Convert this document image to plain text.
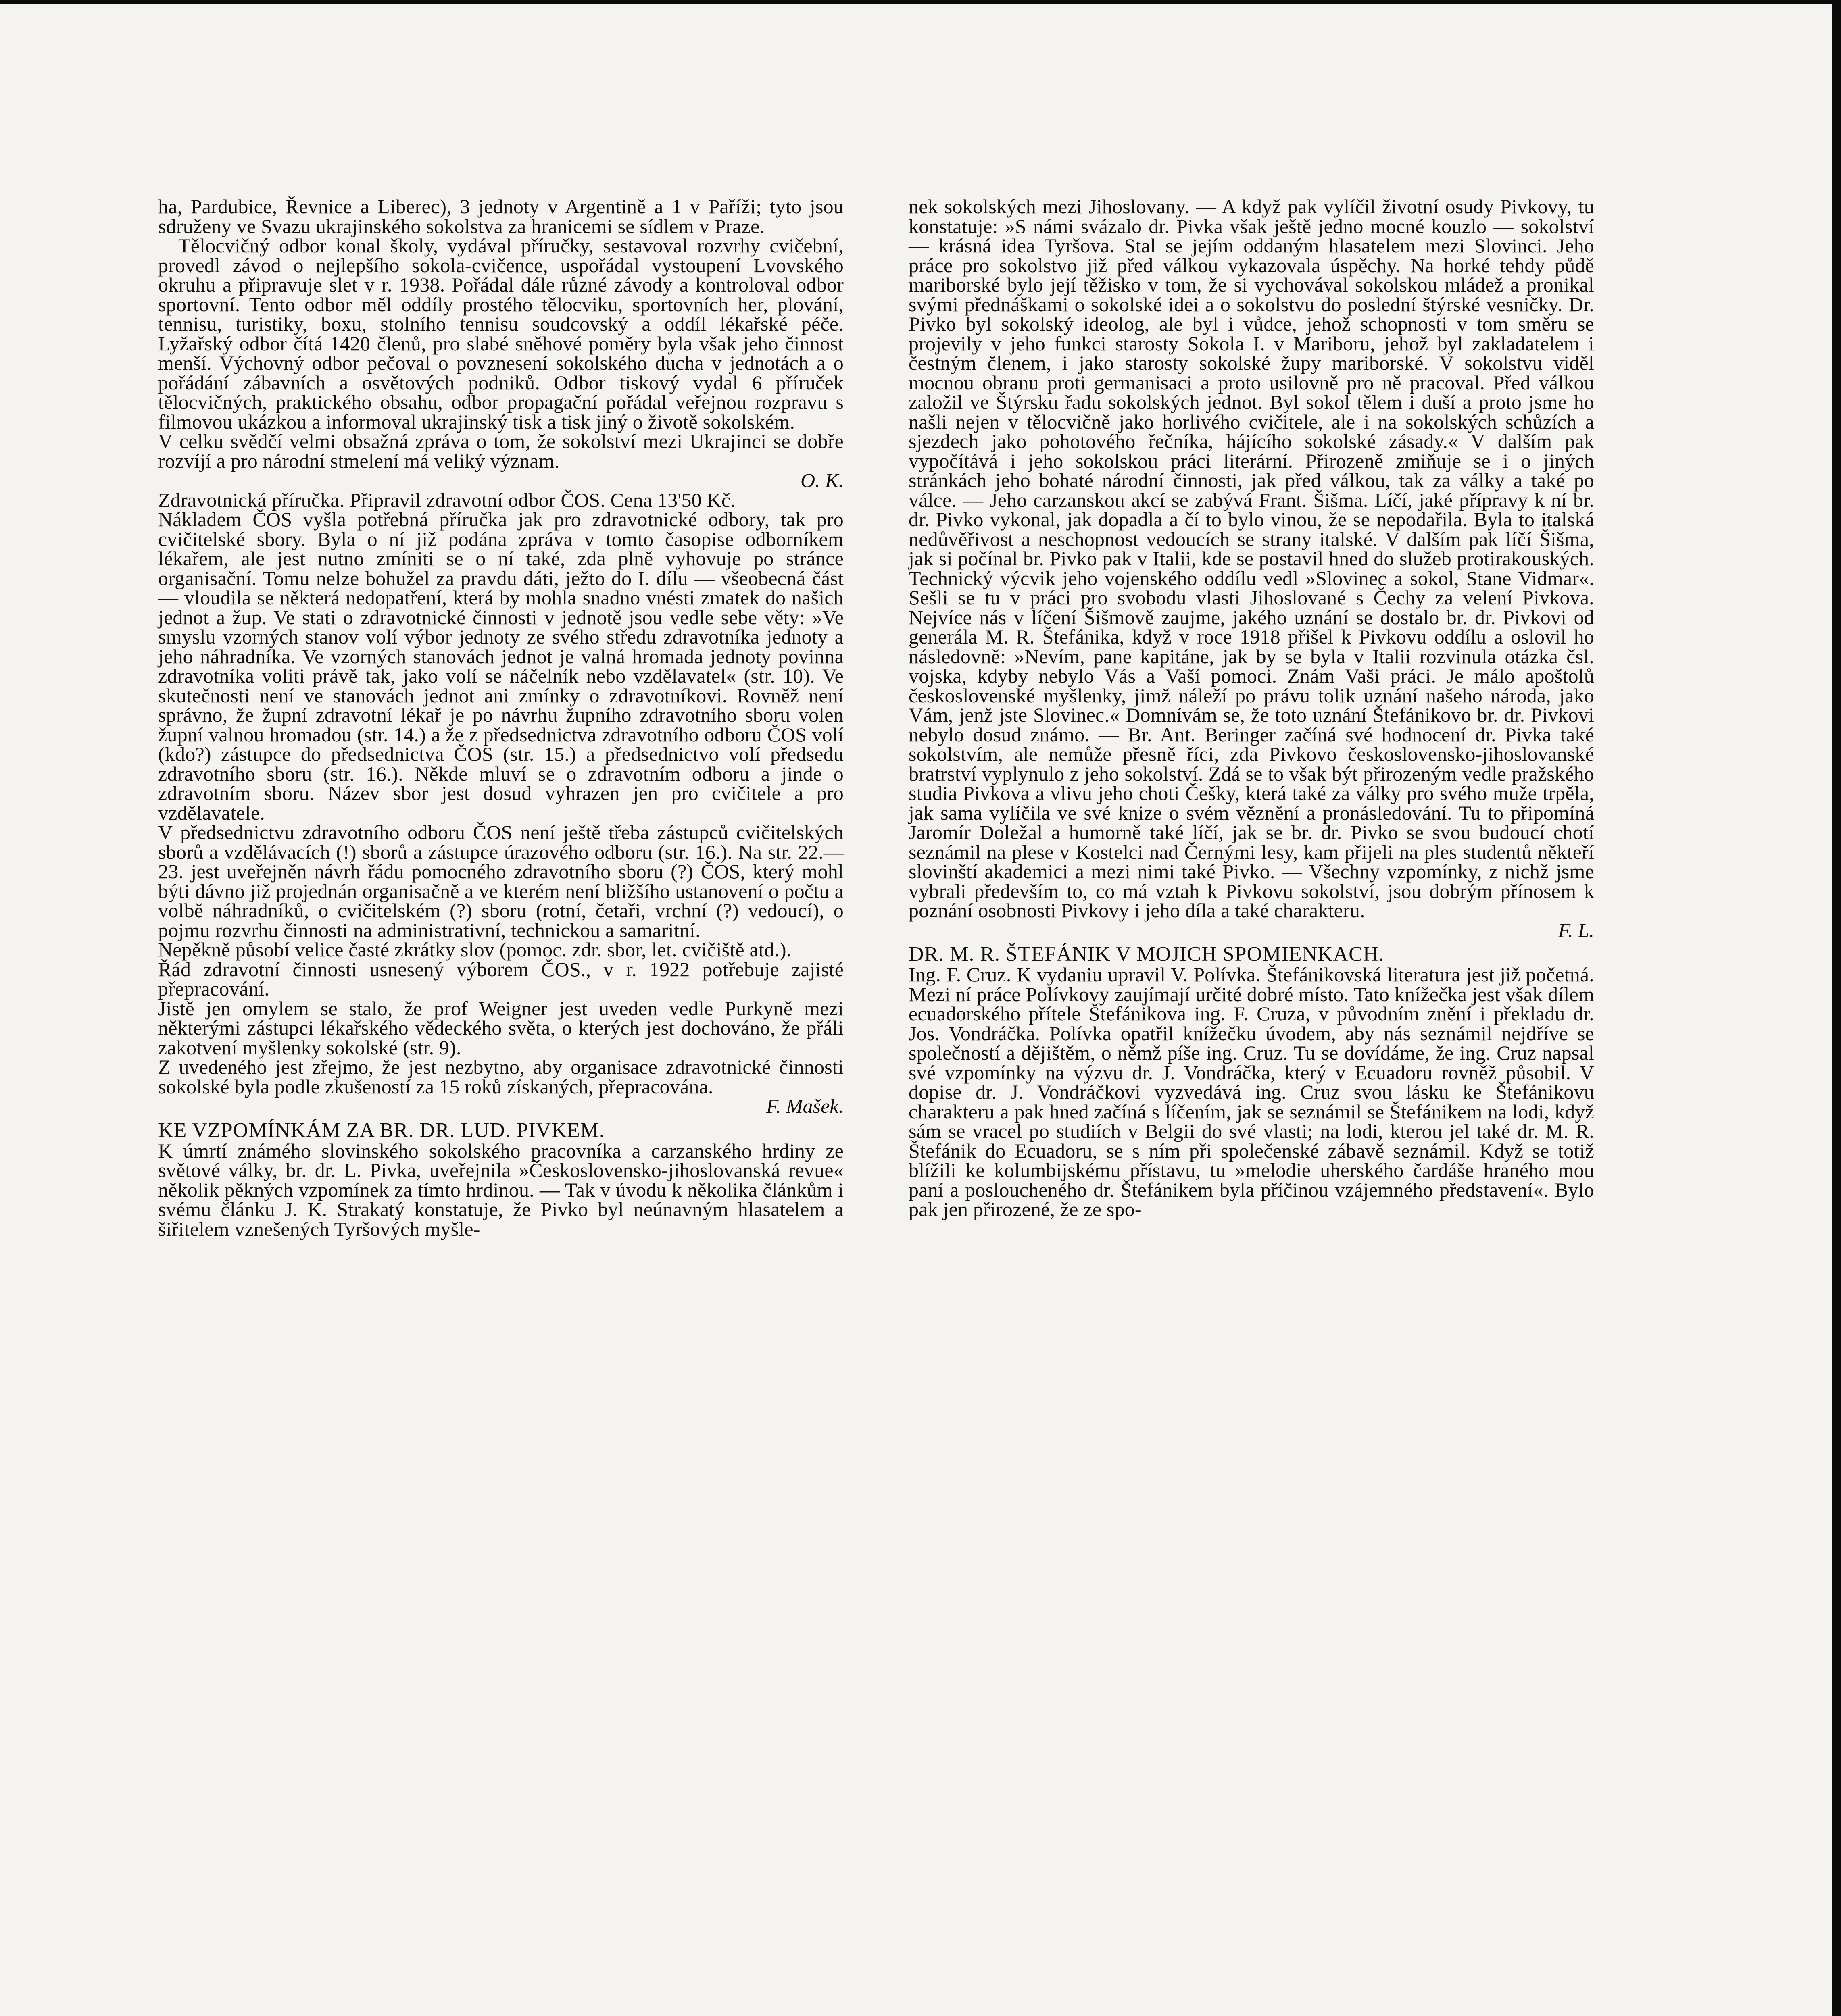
ha, Pardubice, Řevnice a Liberec), 3 jednoty v Argentině a 1 v Paříži; tyto jsou sdruženy ve Svazu ukrajinského sokolstva za hranicemi se sídlem v Praze.

Tělocvičný odbor konal školy, vydával příručky, sestavoval rozvrhy cvičební, provedl závod o nejlepšího sokola-cvičence, uspořádal vystoupení Lvovského okruhu a připravuje slet v r. 1938. Pořádal dále různé závody a kontroloval odbor sportovní. Tento odbor měl oddíly prostého tělocviku, sportovních her, plování, tennisu, turistiky, boxu, stolního tennisu soudcovský a oddíl lékařské péče. Lyžařský odbor čítá 1420 členů, pro slabé sněhové poměry byla však jeho činnost menší. Výchovný odbor pečoval o povznesení sokolského ducha v jednotách a o pořádání zábavních a osvětových podniků. Odbor tiskový vydal 6 příruček tělocvičných, praktického obsahu, odbor propagační pořádal veřejnou rozpravu s filmovou ukázkou a informoval ukrajinský tisk a tisk jiný o životě sokolském.

V celku svědčí velmi obsažná zpráva o tom, že sokolství mezi Ukrajinci se dobře rozvíjí a pro národní stmelení má veliký význam.

O. K.

Zdravotnická příručka. Připravil zdravotní odbor ČOS. Cena 13'50 Kč.

Nákladem ČOS vyšla potřebná příručka jak pro zdravotnické odbory, tak pro cvičitelské sbory. Byla o ní již podána zpráva v tomto časopise odborníkem lékařem, ale jest nutno zmíniti se o ní také, zda plně vyhovuje po stránce organisační. Tomu nelze bohužel za pravdu dáti, ježto do I. dílu — všeobecná část — vloudila se některá nedopatření, která by mohla snadno vnésti zmatek do našich jednot a žup. Ve stati o zdravotnické činnosti v jednotě jsou vedle sebe věty: »Ve smyslu vzorných stanov volí výbor jednoty ze svého středu zdravotníka jednoty a jeho náhradníka. Ve vzorných stanovách jednot je valná hromada jednoty povinna zdravotníka voliti právě tak, jako volí se náčelník nebo vzdělavatel« (str. 10). Ve skutečnosti není ve stanovách jednot ani zmínky o zdravotníkovi. Rovněž není správno, že župní zdravotní lékař je po návrhu župního zdravotního sboru volen župní valnou hromadou (str. 14.) a že z předsednictva zdravotního odboru ČOS volí (kdo?) zástupce do předsednictva ČOS (str. 15.) a předsednictvo volí předsedu zdravotního sboru (str. 16.). Někde mluví se o zdravotním odboru a jinde o zdravotním sboru. Název sbor jest dosud vyhrazen jen pro cvičitele a pro vzdělavatele.

V předsednictvu zdravotního odboru ČOS není ještě třeba zástupců cvičitelských sborů a vzdělávacích (!) sborů a zástupce úrazového odboru (str. 16.). Na str. 22.—23. jest uveřejněn návrh řádu pomocného zdravotního sboru (?) ČOS, který mohl býti dávno již projednán organisačně a ve kterém není bližšího ustanovení o počtu a volbě náhradníků, o cvičitelském (?) sboru (rotní, četaři, vrchní (?) vedoucí), o pojmu rozvrhu činnosti na administrativní, technickou a samaritní.

Nepěkně působí velice časté zkrátky slov (pomoc. zdr. sbor, let. cvičiště atd.).

Řád zdravotní činnosti usnesený výborem ČOS., v r. 1922 potřebuje zajisté přepracování.

Jistě jen omylem se stalo, že prof Weigner jest uveden vedle Purkyně mezi některými zástupci lékařského vědeckého světa, o kterých jest dochováno, že přáli zakotvení myšlenky sokolské (str. 9).

Z uvedeného jest zřejmo, že jest nezbytno, aby organisace zdravotnické činnosti sokolské byla podle zkušeností za 15 roků získaných, přepracována.

F. Mašek.

KE VZPOMÍNKÁM ZA BR. DR. LUD. PIVKEM.

K úmrtí známého slovinského sokolského pracovníka a carzanského hrdiny ze světové války, br. dr. L. Pivka, uveřejnila »Československo-jihoslovanská revue« několik pěkných vzpomínek za tímto hrdinou. — Tak v úvodu k několika článkům i svému článku J. K. Strakatý konstatuje, že Pivko byl neúnavným hlasatelem a šiřitelem vznešených Tyršových myšle-

nek sokolských mezi Jihoslovany. — A když pak vylíčil životní osudy Pivkovy, tu konstatuje: »S námi svázalo dr. Pivka však ještě jedno mocné kouzlo — sokolství — krásná idea Tyršova. Stal se jejím oddaným hlasatelem mezi Slovinci. Jeho práce pro sokolstvo již před válkou vykazovala úspěchy. Na horké tehdy půdě mariborské bylo její těžisko v tom, že si vychovával sokolskou mládež a pronikal svými přednáškami o sokolské idei a o sokolstvu do poslední štýrské vesničky. Dr. Pivko byl sokolský ideolog, ale byl i vůdce, jehož schopnosti v tom směru se projevily v jeho funkci starosty Sokola I. v Mariboru, jehož byl zakladatelem i čestným členem, i jako starosty sokolské župy mariborské. V sokolstvu viděl mocnou obranu proti germanisaci a proto usilovně pro ně pracoval. Před válkou založil ve Štýrsku řadu sokolských jednot. Byl sokol tělem i duší a proto jsme ho našli nejen v tělocvičně jako horlivého cvičitele, ale i na sokolských schůzích a sjezdech jako pohotového řečníka, hájícího sokolské zásady.« V dalším pak vypočítává i jeho sokolskou práci literární. Přirozeně zmiňuje se i o jiných stránkách jeho bohaté národní činnosti, jak před válkou, tak za války a také po válce. — Jeho carzanskou akcí se zabývá Frant. Šišma. Líčí, jaké přípravy k ní br. dr. Pivko vykonal, jak dopadla a čí to bylo vinou, že se nepodařila. Byla to italská nedůvěřivost a neschopnost vedoucích se strany italské. V dalším pak líčí Šišma, jak si počínal br. Pivko pak v Italii, kde se postavil hned do služeb protirakouských. Technický výcvik jeho vojenského oddílu vedl »Slovinec a sokol, Stane Vidmar«. Sešli se tu v práci pro svobodu vlasti Jihoslované s Čechy za velení Pivkova. Nejvíce nás v líčení Šišmově zaujme, jakého uznání se dostalo br. dr. Pivkovi od generála M. R. Štefánika, když v roce 1918 přišel k Pivkovu oddílu a oslovil ho následovně: »Nevím, pane kapitáne, jak by se byla v Italii rozvinula otázka čsl. vojska, kdyby nebylo Vás a Vaší pomoci. Znám Vaši práci. Je málo apoštolů československé myšlenky, jimž náleží po právu tolik uznání našeho národa, jako Vám, jenž jste Slovinec.« Domnívám se, že toto uznání Štefánikovo br. dr. Pivkovi nebylo dosud známo. — Br. Ant. Beringer začíná své hodnocení dr. Pivka také sokolstvím, ale nemůže přesně říci, zda Pivkovo československo-jihoslovanské bratrství vyplynulo z jeho sokolství. Zdá se to však být přirozeným vedle pražského studia Pivkova a vlivu jeho choti Češky, která také za války pro svého muže trpěla, jak sama vylíčila ve své knize o svém věznění a pronásledování. Tu to připomíná Jaromír Doležal a humorně také líčí, jak se br. dr. Pivko se svou budoucí chotí seznámil na plese v Kostelci nad Černými lesy, kam přijeli na ples studentů někteří slovinští akademici a mezi nimi také Pivko. — Všechny vzpomínky, z nichž jsme vybrali především to, co má vztah k Pivkovu sokolství, jsou dobrým přínosem k poznání osobnosti Pivkovy i jeho díla a také charakteru.

F. L.

DR. M. R. ŠTEFÁNIK V MOJICH SPOMIENKACH.

Ing. F. Cruz. K vydaniu upravil V. Polívka. Štefánikovská literatura jest již početná. Mezi ní práce Polívkovy zaujímají určité dobré místo. Tato knížečka jest však dílem ecuadorského přítele Štefánikova ing. F. Cruza, v původním znění i překladu dr. Jos. Vondráčka. Polívka opatřil knížečku úvodem, aby nás seznámil nejdříve se společností a dějištěm, o němž píše ing. Cruz. Tu se dovídáme, že ing. Cruz napsal své vzpomínky na výzvu dr. J. Vondráčka, který v Ecuadoru rovněž působil. V dopise dr. J. Vondráčkovi vyzvedává ing. Cruz svou lásku ke Štefánikovu charakteru a pak hned začíná s líčením, jak se seznámil se Štefánikem na lodi, když sám se vracel po studiích v Belgii do své vlasti; na lodi, kterou jel také dr. M. R. Štefánik do Ecuadoru, se s ním při společenské zábavě seznámil. Když se totiž blížili ke kolumbijskému přístavu, tu »melodie uherského čardáše hraného mou paní a posloucheného dr. Štefánikem byla příčinou vzájemného představení«. Bylo pak jen přirozené, že ze spo-
